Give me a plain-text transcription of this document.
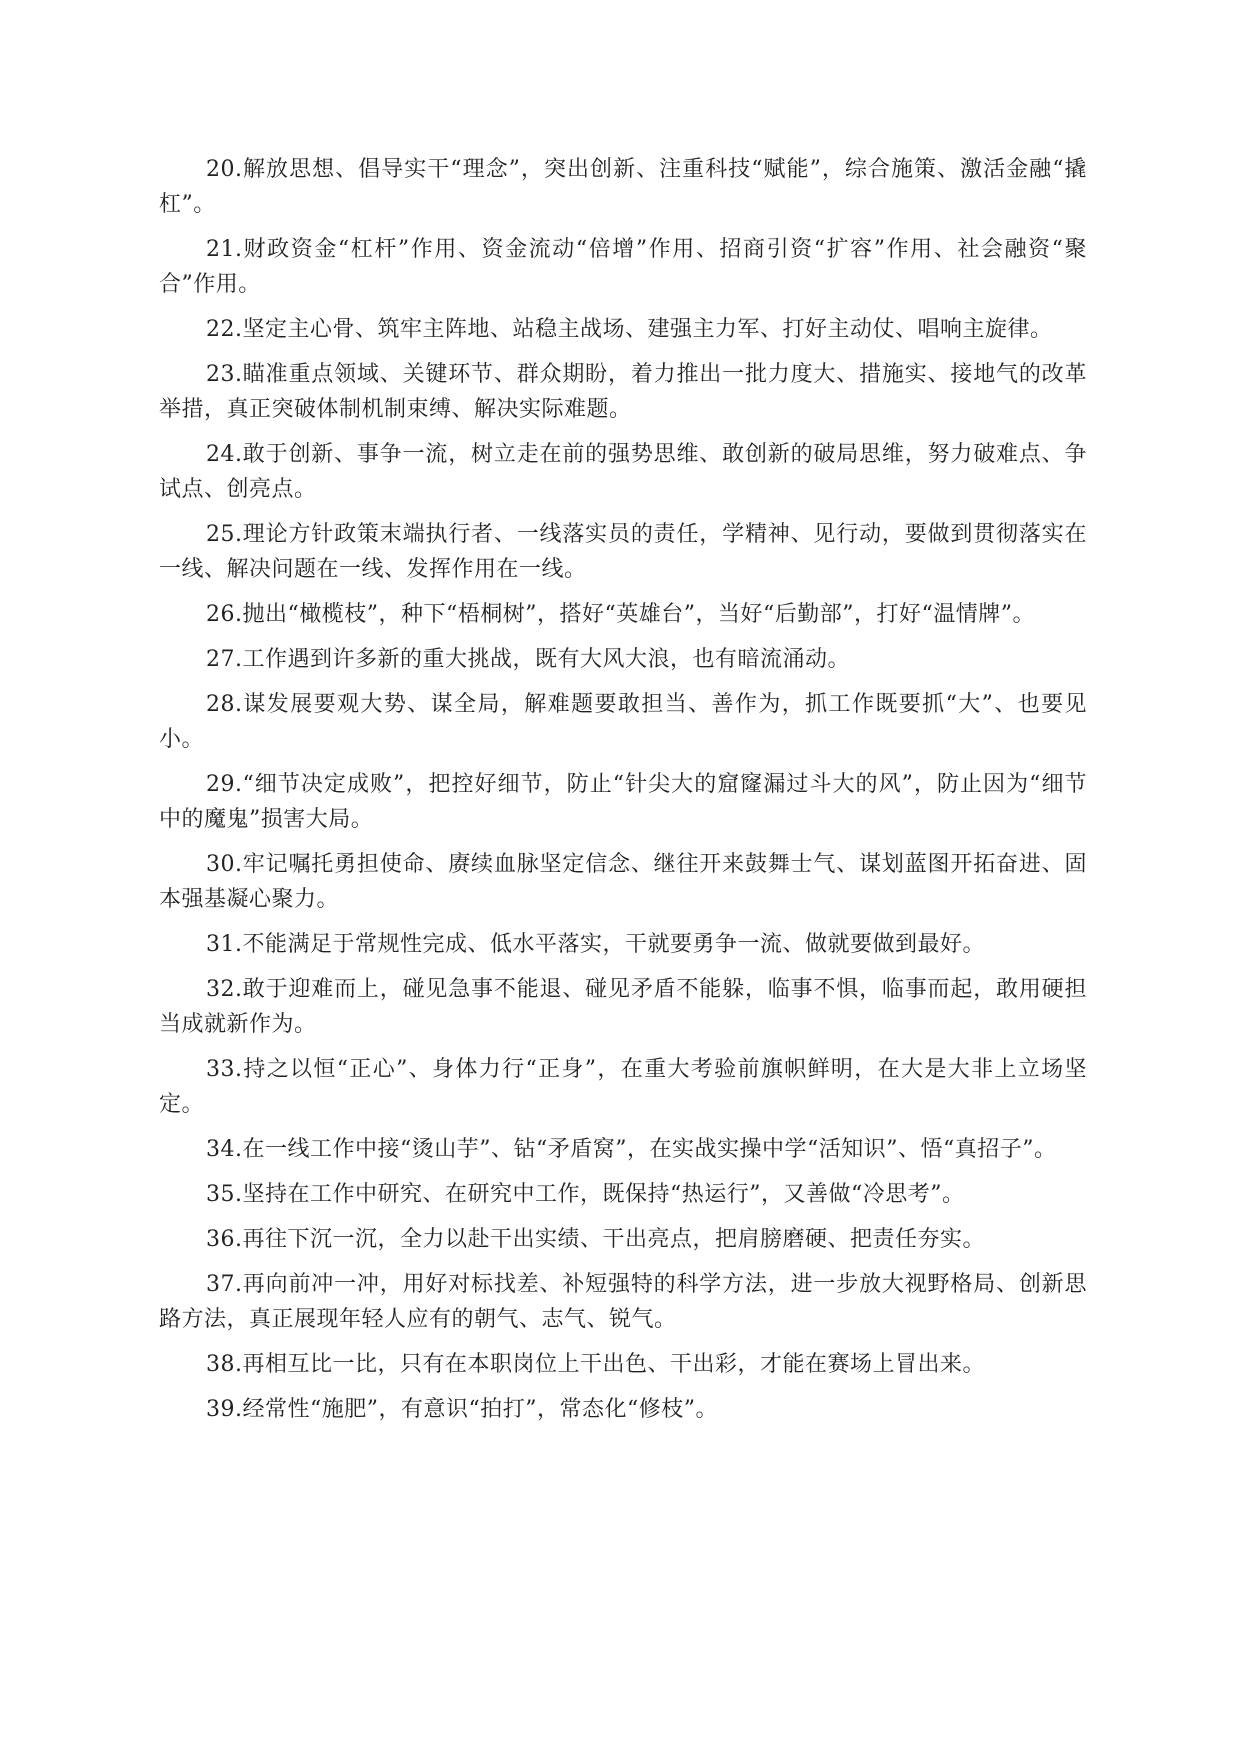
20.解放思想、倡导实干“理念”，突出创新、注重科技“赋能”，综合施策、激活金融“撬杠”。

21.财政资金“杠杆”作用、资金流动“倍增”作用、招商引资“扩容”作用、社会融资“聚合”作用。

22.坚定主心骨、筑牢主阵地、站稳主战场、建强主力军、打好主动仗、唱响主旋律。

23.瞄准重点领域、关键环节、群众期盼，着力推出一批力度大、措施实、接地气的改革举措，真正突破体制机制束缚、解决实际难题。

24.敢于创新、事争一流，树立走在前的强势思维、敢创新的破局思维，努力破难点、争试点、创亮点。

25.理论方针政策末端执行者、一线落实员的责任，学精神、见行动，要做到贯彻落实在一线、解决问题在一线、发挥作用在一线。

26.抛出“橄榄枝”，种下“梧桐树”，搭好“英雄台”，当好“后勤部”，打好“温情牌”。

27.工作遇到许多新的重大挑战，既有大风大浪，也有暗流涌动。

28.谋发展要观大势、谋全局，解难题要敢担当、善作为，抓工作既要抓“大”、也要见小。

29.“细节决定成败”，把控好细节，防止“针尖大的窟窿漏过斗大的风”，防止因为“细节中的魔鬼”损害大局。

30.牢记嘱托勇担使命、赓续血脉坚定信念、继往开来鼓舞士气、谋划蓝图开拓奋进、固本强基凝心聚力。

31.不能满足于常规性完成、低水平落实，干就要勇争一流、做就要做到最好。

32.敢于迎难而上，碰见急事不能退、碰见矛盾不能躲，临事不惧，临事而起，敢用硬担当成就新作为。

33.持之以恒“正心”、身体力行“正身”，在重大考验前旗帜鲜明，在大是大非上立场坚定。

34.在一线工作中接“烫山芋”、钻“矛盾窝”，在实战实操中学“活知识”、悟“真招子”。

35.坚持在工作中研究、在研究中工作，既保持“热运行”，又善做“冷思考”。

36.再往下沉一沉，全力以赴干出实绩、干出亮点，把肩膀磨硬、把责任夯实。

37.再向前冲一冲，用好对标找差、补短强特的科学方法，进一步放大视野格局、创新思路方法，真正展现年轻人应有的朝气、志气、锐气。

38.再相互比一比，只有在本职岗位上干出色、干出彩，才能在赛场上冒出来。

39.经常性“施肥”，有意识“拍打”，常态化“修枝”。
